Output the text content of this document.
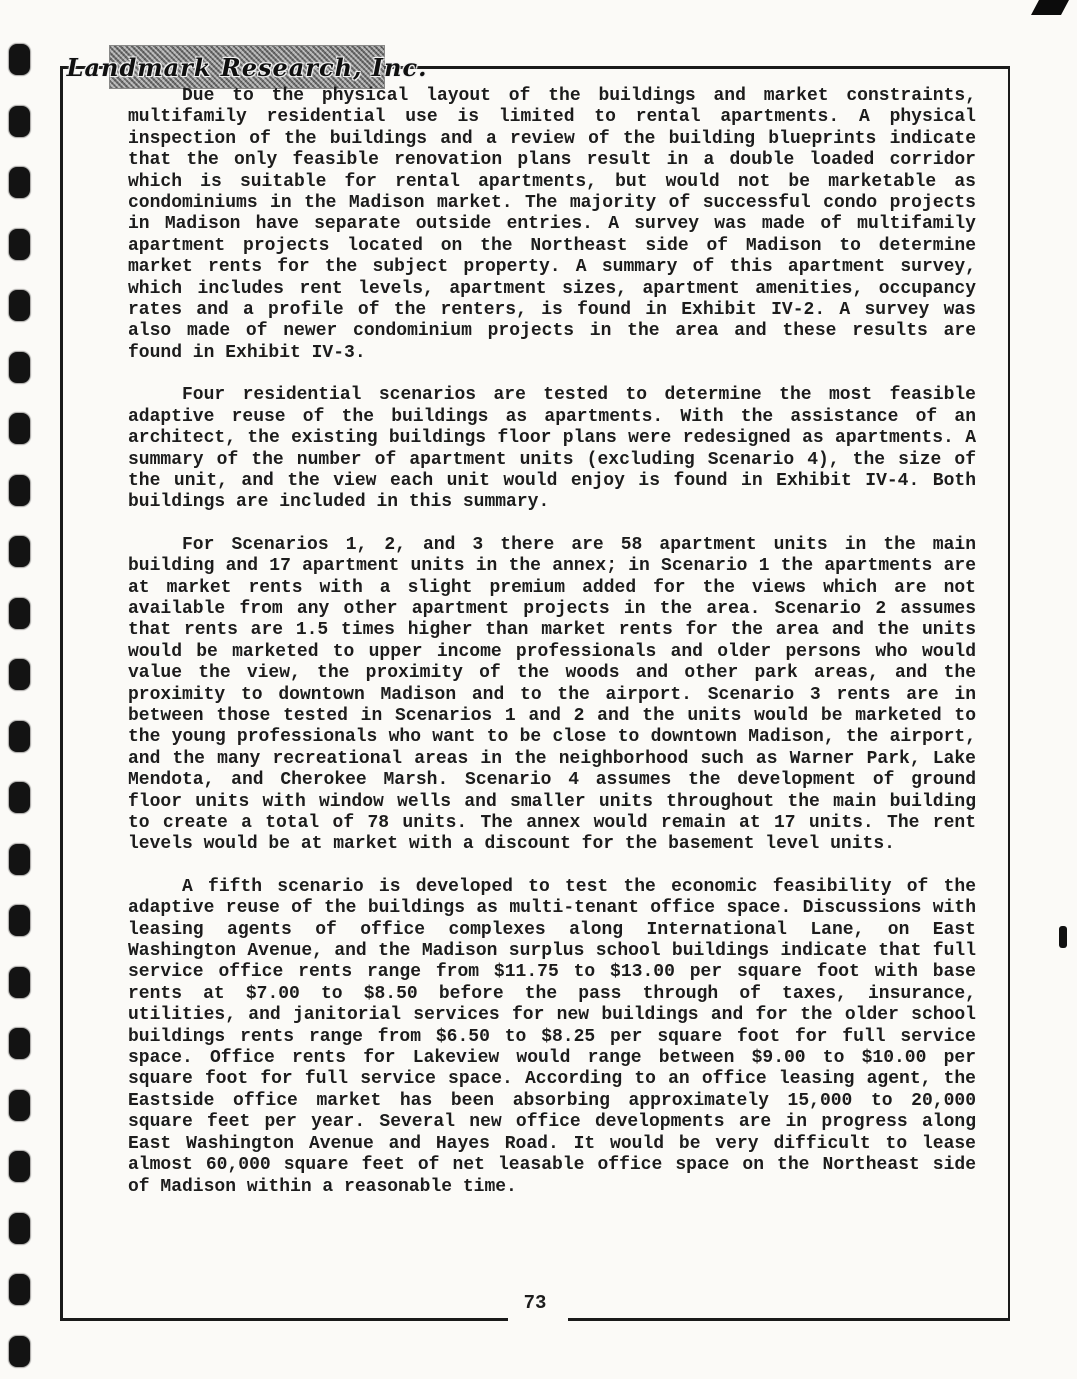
Landmark Research, Inc.

Due to the physical layout of the buildings and market constraints, multifamily residential use is limited to rental apartments. A physical inspection of the buildings and a review of the building blueprints indicate that the only feasible renovation plans result in a double loaded corridor which is suitable for rental apartments, but would not be marketable as condominiums in the Madison market. The majority of successful condo projects in Madison have separate outside entries. A survey was made of multifamily apartment projects located on the Northeast side of Madison to determine market rents for the subject property. A summary of this apartment survey, which includes rent levels, apartment sizes, apartment amenities, occupancy rates and a profile of the renters, is found in Exhibit IV-2. A survey was also made of newer condominium projects in the area and these results are found in Exhibit IV-3.

Four residential scenarios are tested to determine the most feasible adaptive reuse of the buildings as apartments. With the assistance of an architect, the existing buildings floor plans were redesigned as apartments. A summary of the number of apartment units (excluding Scenario 4), the size of the unit, and the view each unit would enjoy is found in Exhibit IV-4. Both buildings are included in this summary.

For Scenarios 1, 2, and 3 there are 58 apartment units in the main building and 17 apartment units in the annex; in Scenario 1 the apartments are at market rents with a slight premium added for the views which are not available from any other apartment projects in the area. Scenario 2 assumes that rents are 1.5 times higher than market rents for the area and the units would be marketed to upper income professionals and older persons who would value the view, the proximity of the woods and other park areas, and the proximity to downtown Madison and to the airport. Scenario 3 rents are in between those tested in Scenarios 1 and 2 and the units would be marketed to the young professionals who want to be close to downtown Madison, the airport, and the many recreational areas in the neighborhood such as Warner Park, Lake Mendota, and Cherokee Marsh. Scenario 4 assumes the development of ground floor units with window wells and smaller units throughout the main building to create a total of 78 units. The annex would remain at 17 units. The rent levels would be at market with a discount for the basement level units.

A fifth scenario is developed to test the economic feasibility of the adaptive reuse of the buildings as multi-tenant office space. Discussions with leasing agents of office complexes along International Lane, on East Washington Avenue, and the Madison surplus school buildings indicate that full service office rents range from $11.75 to $13.00 per square foot with base rents at $7.00 to $8.50 before the pass through of taxes, insurance, utilities, and janitorial services for new buildings and for the older school buildings rents range from $6.50 to $8.25 per square foot for full service space. Office rents for Lakeview would range between $9.00 to $10.00 per square foot for full service space. According to an office leasing agent, the Eastside office market has been absorbing approximately 15,000 to 20,000 square feet per year. Several new office developments are in progress along East Washington Avenue and Hayes Road. It would be very difficult to lease almost 60,000 square feet of net leasable office space on the Northeast side of Madison within a reasonable time.

73
